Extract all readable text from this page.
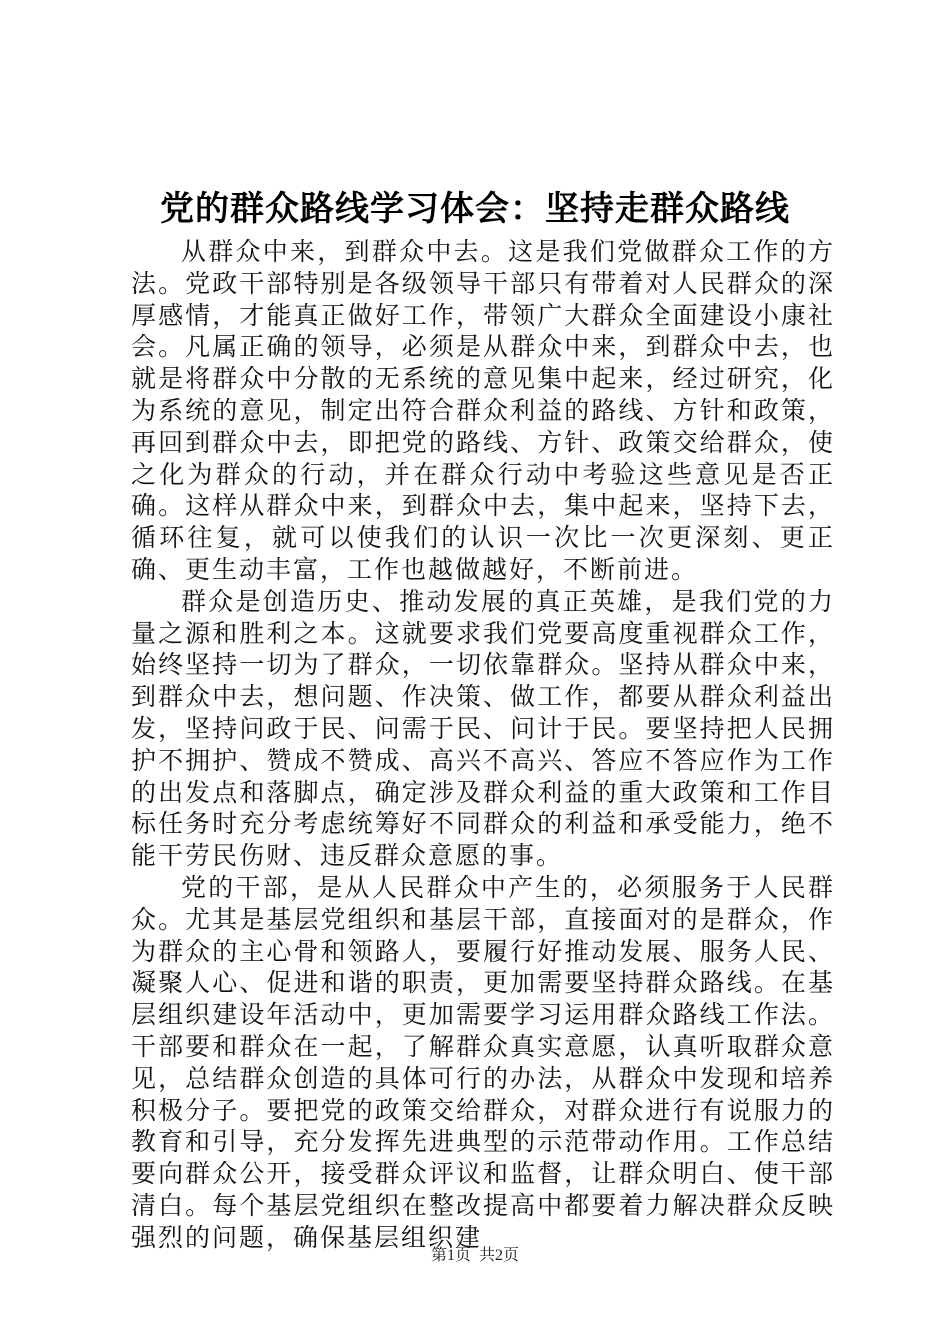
党的群众路线学习体会：坚持走群众路线

从群众中来，到群众中去。这是我们党做群众工作的方法。党政干部特别是各级领导干部只有带着对人民群众的深厚感情，才能真正做好工作，带领广大群众全面建设小康社会。凡属正确的领导，必须是从群众中来，到群众中去，也就是将群众中分散的无系统的意见集中起来，经过研究，化为系统的意见，制定出符合群众利益的路线、方针和政策，再回到群众中去，即把党的路线、方针、政策交给群众，使之化为群众的行动，并在群众行动中考验这些意见是否正确。这样从群众中来，到群众中去，集中起来，坚持下去，循环往复，就可以使我们的认识一次比一次更深刻、更正确、更生动丰富，工作也越做越好，不断前进。

群众是创造历史、推动发展的真正英雄，是我们党的力量之源和胜利之本。这就要求我们党要高度重视群众工作，始终坚持一切为了群众，一切依靠群众。坚持从群众中来，到群众中去，想问题、作决策、做工作，都要从群众利益出发，坚持问政于民、问需于民、问计于民。要坚持把人民拥护不拥护、赞成不赞成、高兴不高兴、答应不答应作为工作的出发点和落脚点，确定涉及群众利益的重大政策和工作目标任务时充分考虑统筹好不同群众的利益和承受能力，绝不能干劳民伤财、违反群众意愿的事。

党的干部，是从人民群众中产生的，必须服务于人民群众。尤其是基层党组织和基层干部，直接面对的是群众，作为群众的主心骨和领路人，要履行好推动发展、服务人民、凝聚人心、促进和谐的职责，更加需要坚持群众路线。在基层组织建设年活动中，更加需要学习运用群众路线工作法。干部要和群众在一起，了解群众真实意愿，认真听取群众意见，总结群众创造的具体可行的办法，从群众中发现和培养积极分子。要把党的政策交给群众，对群众进行有说服力的教育和引导，充分发挥先进典型的示范带动作用。工作总结要向群众公开，接受群众评议和监督，让群众明白、使干部清白。每个基层党组织在整改提高中都要着力解决群众反映强烈的问题，确保基层组织建

第1页 共2页
